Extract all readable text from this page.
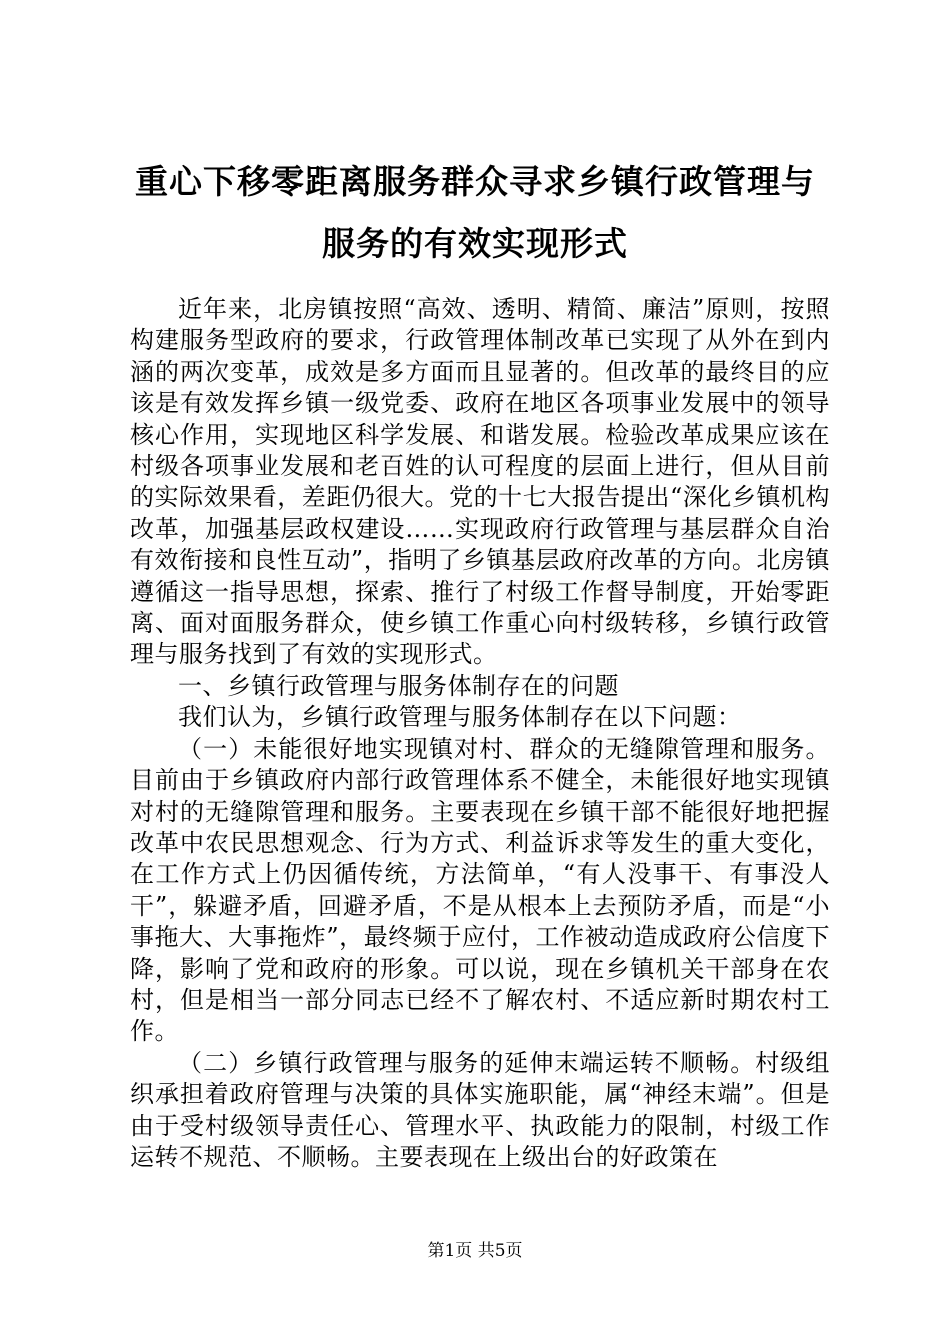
重心下移零距离服务群众寻求乡镇行政管理与
服务的有效实现形式

近年来，北房镇按照“高效、透明、精简、廉洁”原则，按照构建服务型政府的要求，行政管理体制改革已实现了从外在到内涵的两次变革，成效是多方面而且显著的。但改革的最终目的应该是有效发挥乡镇一级党委、政府在地区各项事业发展中的领导核心作用，实现地区科学发展、和谐发展。检验改革成果应该在村级各项事业发展和老百姓的认可程度的层面上进行，但从目前的实际效果看，差距仍很大。党的十七大报告提出“深化乡镇机构改革，加强基层政权建设……实现政府行政管理与基层群众自治有效衔接和良性互动”，指明了乡镇基层政府改革的方向。北房镇遵循这一指导思想，探索、推行了村级工作督导制度，开始零距离、面对面服务群众，使乡镇工作重心向村级转移，乡镇行政管理与服务找到了有效的实现形式。

一、乡镇行政管理与服务体制存在的问题

我们认为，乡镇行政管理与服务体制存在以下问题：

（一）未能很好地实现镇对村、群众的无缝隙管理和服务。目前由于乡镇政府内部行政管理体系不健全，未能很好地实现镇对村的无缝隙管理和服务。主要表现在乡镇干部不能很好地把握改革中农民思想观念、行为方式、利益诉求等发生的重大变化，在工作方式上仍因循传统，方法简单，“有人没事干、有事没人干”，躲避矛盾，回避矛盾，不是从根本上去预防矛盾，而是“小事拖大、大事拖炸”，最终频于应付，工作被动造成政府公信度下降，影响了党和政府的形象。可以说，现在乡镇机关干部身在农村，但是相当一部分同志已经不了解农村、不适应新时期农村工作。

（二）乡镇行政管理与服务的延伸末端运转不顺畅。村级组织承担着政府管理与决策的具体实施职能，属“神经末端”。但是由于受村级领导责任心、管理水平、执政能力的限制，村级工作运转不规范、不顺畅。主要表现在上级出台的好政策在

第1页 共5页
